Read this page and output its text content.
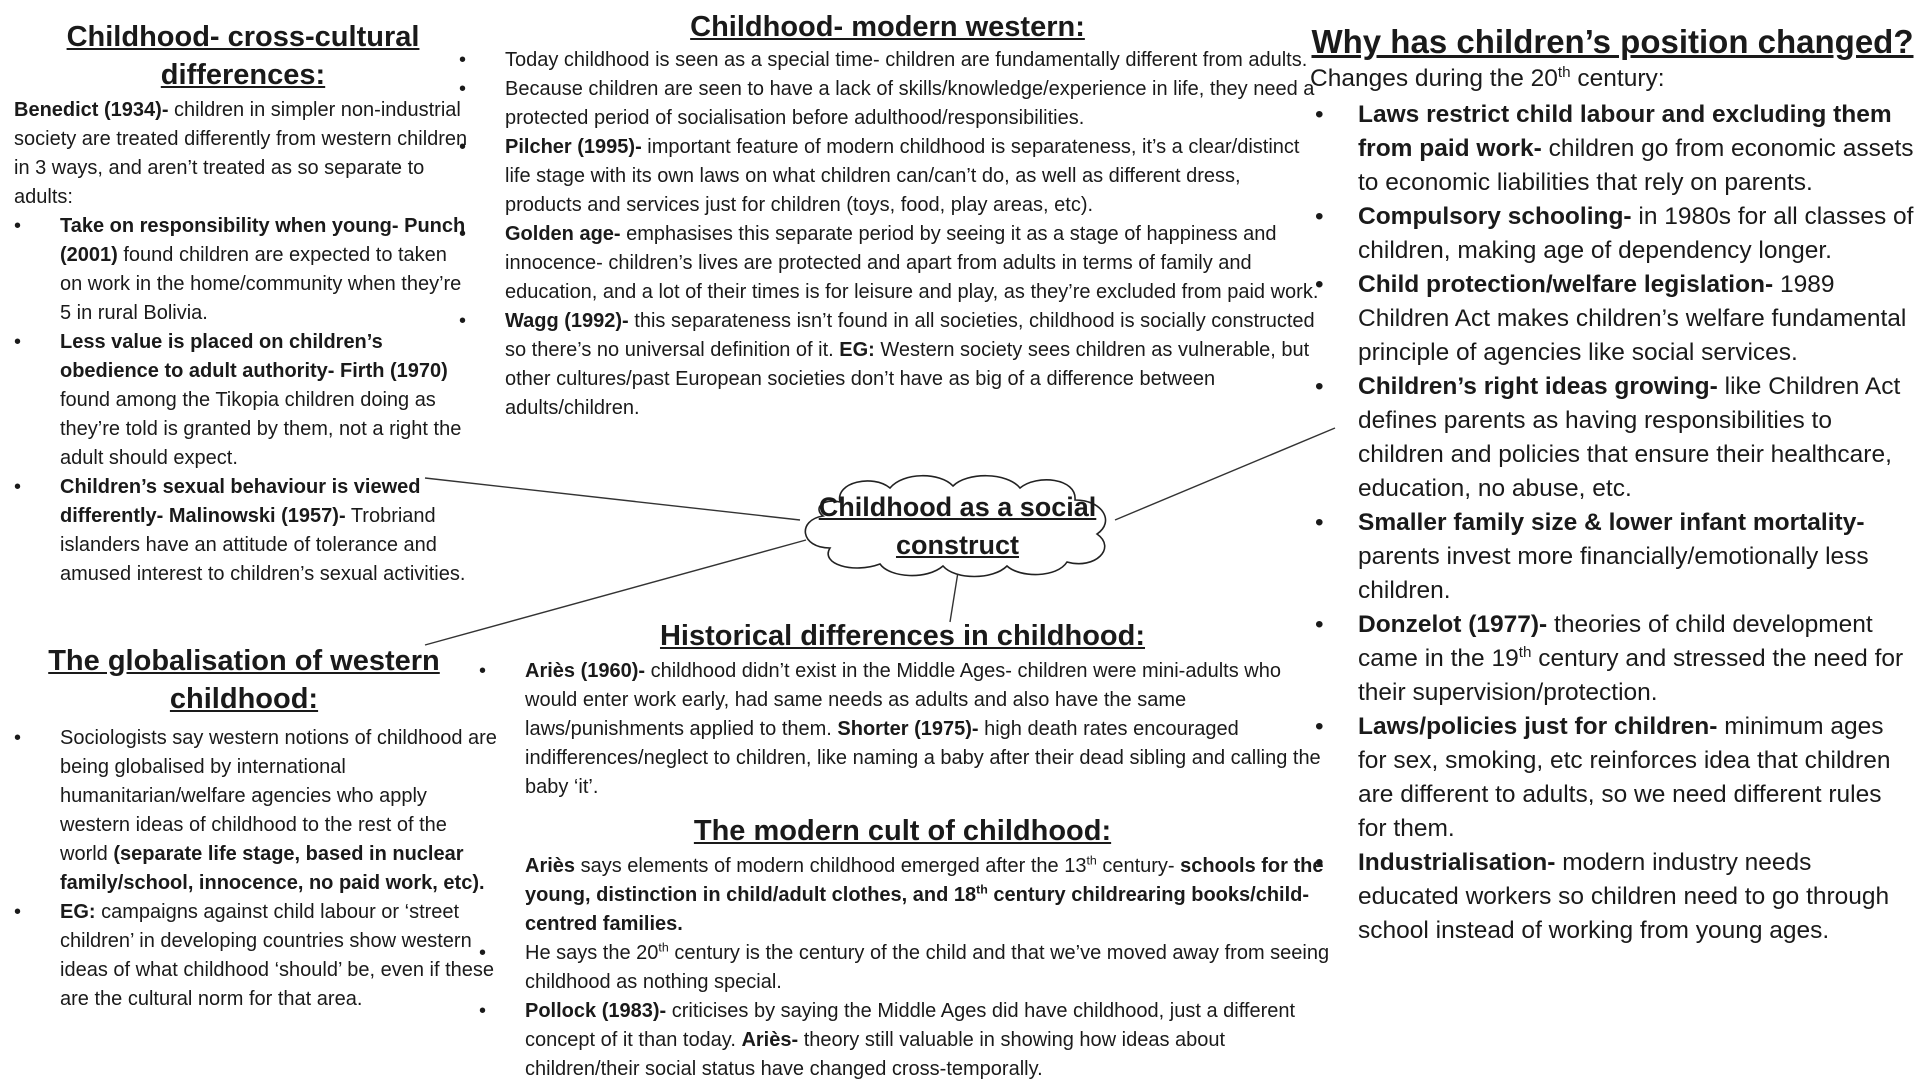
Childhood as a social
construct
Childhood- cross-cultural
differences:

Benedict (1934)- children in simpler non-industrial society are treated differently from western children in 3 ways, and aren’t treated as so separate to adults:

• Take on responsibility when young- Punch (2001) found children are expected to taken on work in the home/community when they’re 5 in rural Bolivia.
• Less value is placed on children’s obedience to adult authority- Firth (1970) found among the Tikopia children doing as they’re told is granted by them, not a right the adult should expect.
• Children’s sexual behaviour is viewed differently- Malinowski (1957)- Trobriand islanders have an attitude of tolerance and amused interest to children’s sexual activities.
The globalisation of western
childhood:
• Sociologists say western notions of childhood are being globalised by international humanitarian/welfare agencies who apply western ideas of childhood to the rest of the world (separate life stage, based in nuclear family/school, innocence, no paid work, etc).
• EG: campaigns against child labour or ‘street children’ in developing countries show western ideas of what childhood ‘should’ be, even if these are the cultural norm for that area.
Childhood- modern western:
• Today childhood is seen as a special time- children are fundamentally different from adults.
• Because children are seen to have a lack of skills/knowledge/experience in life, they need a protected period of socialisation before adulthood/responsibilities.
• Pilcher (1995)- important feature of modern childhood is separateness, it’s a clear/distinct life stage with its own laws on what children can/can’t do, as well as different dress, products and services just for children (toys, food, play areas, etc).
• Golden age- emphasises this separate period by seeing it as a stage of happiness and innocence- children’s lives are protected and apart from adults in terms of family and education, and a lot of their times is for leisure and play, as they’re excluded from paid work.
• Wagg (1992)- this separateness isn’t found in all societies, childhood is socially constructed so there’s no universal definition of it. EG: Western society sees children as vulnerable, but other cultures/past European societies don’t have as big of a difference between adults/children.
Historical differences in childhood:
• Ariès (1960)- childhood didn’t exist in the Middle Ages- children were mini-adults who would enter work early, had same needs as adults and also have the same laws/punishments applied to them. Shorter (1975)- high death rates encouraged indifferences/neglect to children, like naming a baby after their dead sibling and calling the baby ‘it’.
The modern cult of childhood:

Ariès says elements of modern childhood emerged after the 13th century- schools for the young, distinction in child/adult clothes, and 18th century childrearing books/child-centred families.

• He says the 20th century is the century of the child and that we’ve moved away from seeing childhood as nothing special.
• Pollock (1983)- criticises by saying the Middle Ages did have childhood, just a different concept of it than today. Ariès- theory still valuable in showing how ideas about children/their social status have changed cross-temporally.
Why has children’s position changed?

Changes during the 20th century:

• Laws restrict child labour and excluding them from paid work- children go from economic assets to economic liabilities that rely on parents.
• Compulsory schooling- in 1980s for all classes of children, making age of dependency longer.
• Child protection/welfare legislation- 1989 Children Act makes children’s welfare fundamental principle of agencies like social services.
• Children’s right ideas growing- like Children Act defines parents as having responsibilities to children and policies that ensure their healthcare, education, no abuse, etc.
• Smaller family size & lower infant mortality- parents invest more financially/emotionally less children.
• Donzelot (1977)- theories of child development came in the 19th century and stressed the need for their supervision/protection.
• Laws/policies just for children- minimum ages for sex, smoking, etc reinforces idea that children are different to adults, so we need different rules for them.
• Industrialisation- modern industry needs educated workers so children need to go through school instead of working from young ages.
